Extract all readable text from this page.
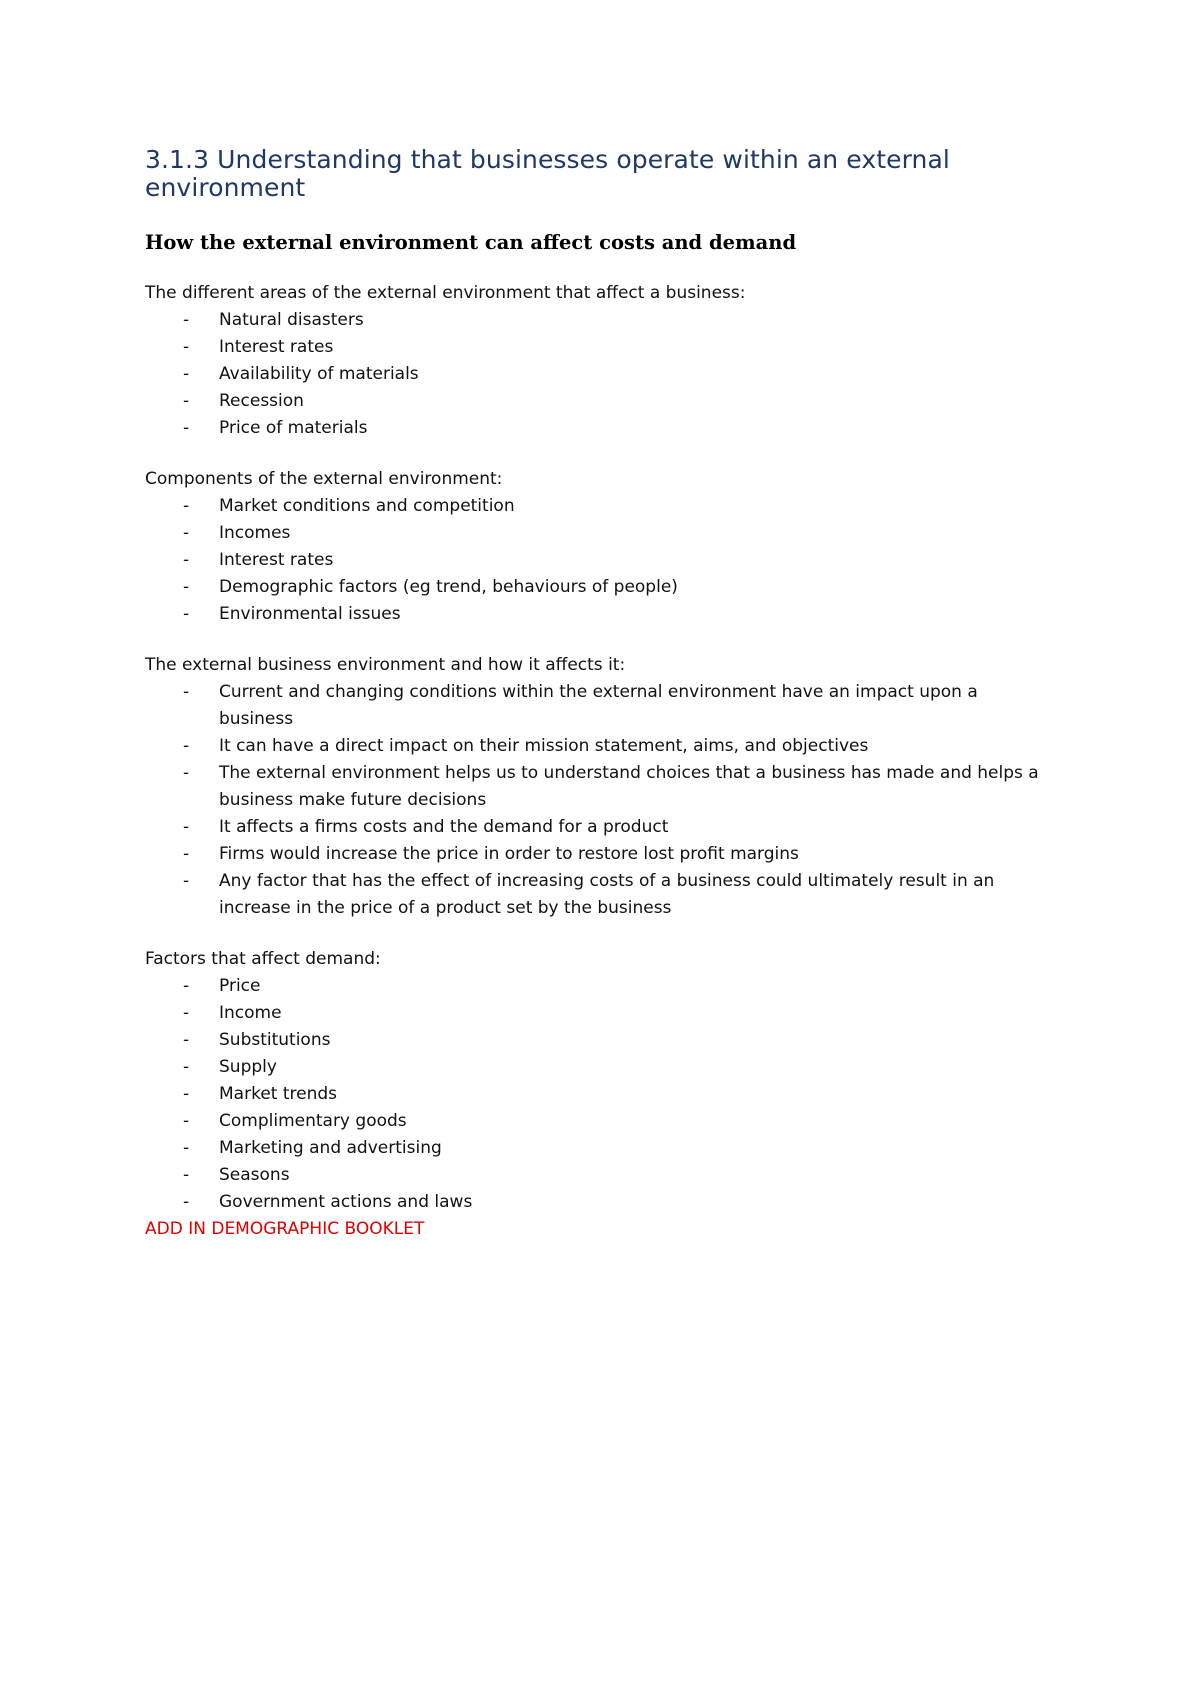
3.1.3 Understanding that businesses operate within an external environment
How the external environment can affect costs and demand
The different areas of the external environment that affect a business:
-	Natural disasters
-	Interest rates
-	Availability of materials
-	Recession
-	Price of materials
Components of the external environment:
-	Market conditions and competition
-	Incomes
-	Interest rates
-	Demographic factors (eg trend, behaviours of people)
-	Environmental issues
The external business environment and how it affects it:
-	Current and changing conditions within the external environment have an impact upon a business
-	It can have a direct impact on their mission statement, aims, and objectives
-	The external environment helps us to understand choices that a business has made and helps a business make future decisions
-	It affects a firms costs and the demand for a product
-	Firms would increase the price in order to restore lost profit margins
-	Any factor that has the effect of increasing costs of a business could ultimately result in an increase in the price of a product set by the business
Factors that affect demand:
-	Price
-	Income
-	Substitutions
-	Supply
-	Market trends
-	Complimentary goods
-	Marketing and advertising
-	Seasons
-	Government actions and laws
ADD IN DEMOGRAPHIC BOOKLET
